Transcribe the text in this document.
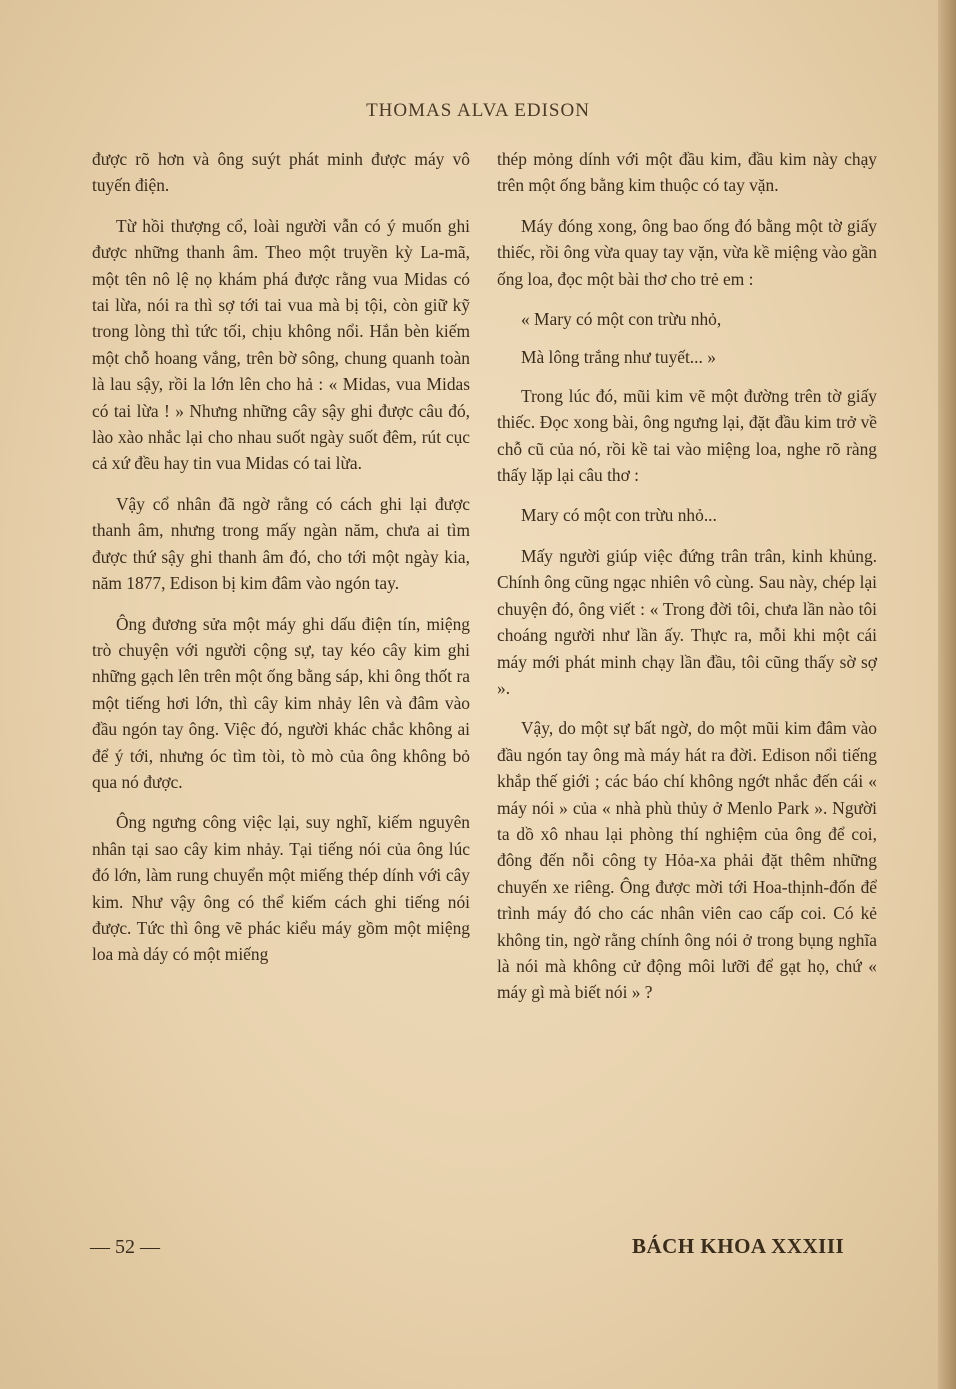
THOMAS ALVA EDISON

được rõ hơn và ông suýt phát minh được máy vô tuyến điện.

Từ hồi thượng cổ, loài người vẫn có ý muốn ghi được những thanh âm. Theo một truyền kỳ La-mã, một tên nô lệ nọ khám phá được rằng vua Midas có tai lừa, nói ra thì sợ tới tai vua mà bị tội, còn giữ kỹ trong lòng thì tức tối, chịu không nổi. Hắn bèn kiếm một chỗ hoang vắng, trên bờ sông, chung quanh toàn là lau sậy, rồi la lớn lên cho hả : « Midas, vua Midas có tai lừa ! » Nhưng những cây sậy ghi được câu đó, lào xào nhắc lại cho nhau suốt ngày suốt đêm, rút cục cả xứ đều hay tin vua Midas có tai lừa.

Vậy cổ nhân đã ngờ rằng có cách ghi lại được thanh âm, nhưng trong mấy ngàn năm, chưa ai tìm được thứ sậy ghi thanh âm đó, cho tới một ngày kia, năm 1877, Edison bị kim đâm vào ngón tay.

Ông đương sửa một máy ghi dấu điện tín, miệng trò chuyện với người cộng sự, tay kéo cây kim ghi những gạch lên trên một ống bằng sáp, khi ông thốt ra một tiếng hơi lớn, thì cây kim nhảy lên và đâm vào đầu ngón tay ông. Việc đó, người khác chắc không ai để ý tới, nhưng óc tìm tòi, tò mò của ông không bỏ qua nó được.

Ông ngưng công việc lại, suy nghĩ, kiếm nguyên nhân tại sao cây kim nhảy. Tại tiếng nói của ông lúc đó lớn, làm rung chuyển một miếng thép dính với cây kim. Như vậy ông có thể kiếm cách ghi tiếng nói được. Tức thì ông vẽ phác kiểu máy gồm một miệng loa mà dáy có một miếng

thép mỏng dính với một đầu kim, đầu kim này chạy trên một ống bằng kim thuộc có tay vặn.

Máy đóng xong, ông bao ống đó bằng một tờ giấy thiếc, rồi ông vừa quay tay vặn, vừa kề miệng vào gần ống loa, đọc một bài thơ cho trẻ em :

« Mary có một con trừu nhỏ,

Mà lông trắng như tuyết... »

Trong lúc đó, mũi kim vẽ một đường trên tờ giấy thiếc. Đọc xong bài, ông ngưng lại, đặt đầu kim trở về chỗ cũ của nó, rồi kề tai vào miệng loa, nghe rõ ràng thấy lặp lại câu thơ :

Mary có một con trừu nhỏ...

Mấy người giúp việc đứng trân trân, kinh khủng. Chính ông cũng ngạc nhiên vô cùng. Sau này, chép lại chuyện đó, ông viết : « Trong đời tôi, chưa lần nào tôi choáng người như lần ấy. Thực ra, mỗi khi một cái máy mới phát minh chạy lần đầu, tôi cũng thấy sờ sợ ».

Vậy, do một sự bất ngờ, do một mũi kim đâm vào đầu ngón tay ông mà máy hát ra đời. Edison nổi tiếng khắp thế giới ; các báo chí không ngớt nhắc đến cái « máy nói » của « nhà phù thủy ở Menlo Park ». Người ta dồ xô nhau lại phòng thí nghiệm của ông để coi, đông đến nỗi công ty Hỏa-xa phải đặt thêm những chuyến xe riêng. Ông được mời tới Hoa-thịnh-đốn để trình máy đó cho các nhân viên cao cấp coi. Có kẻ không tin, ngờ rằng chính ông nói ở trong bụng nghĩa là nói mà không cử động môi lưỡi để gạt họ, chứ « máy gì mà biết nói » ?

— 52 —	BÁCH KHOA XXXIII
